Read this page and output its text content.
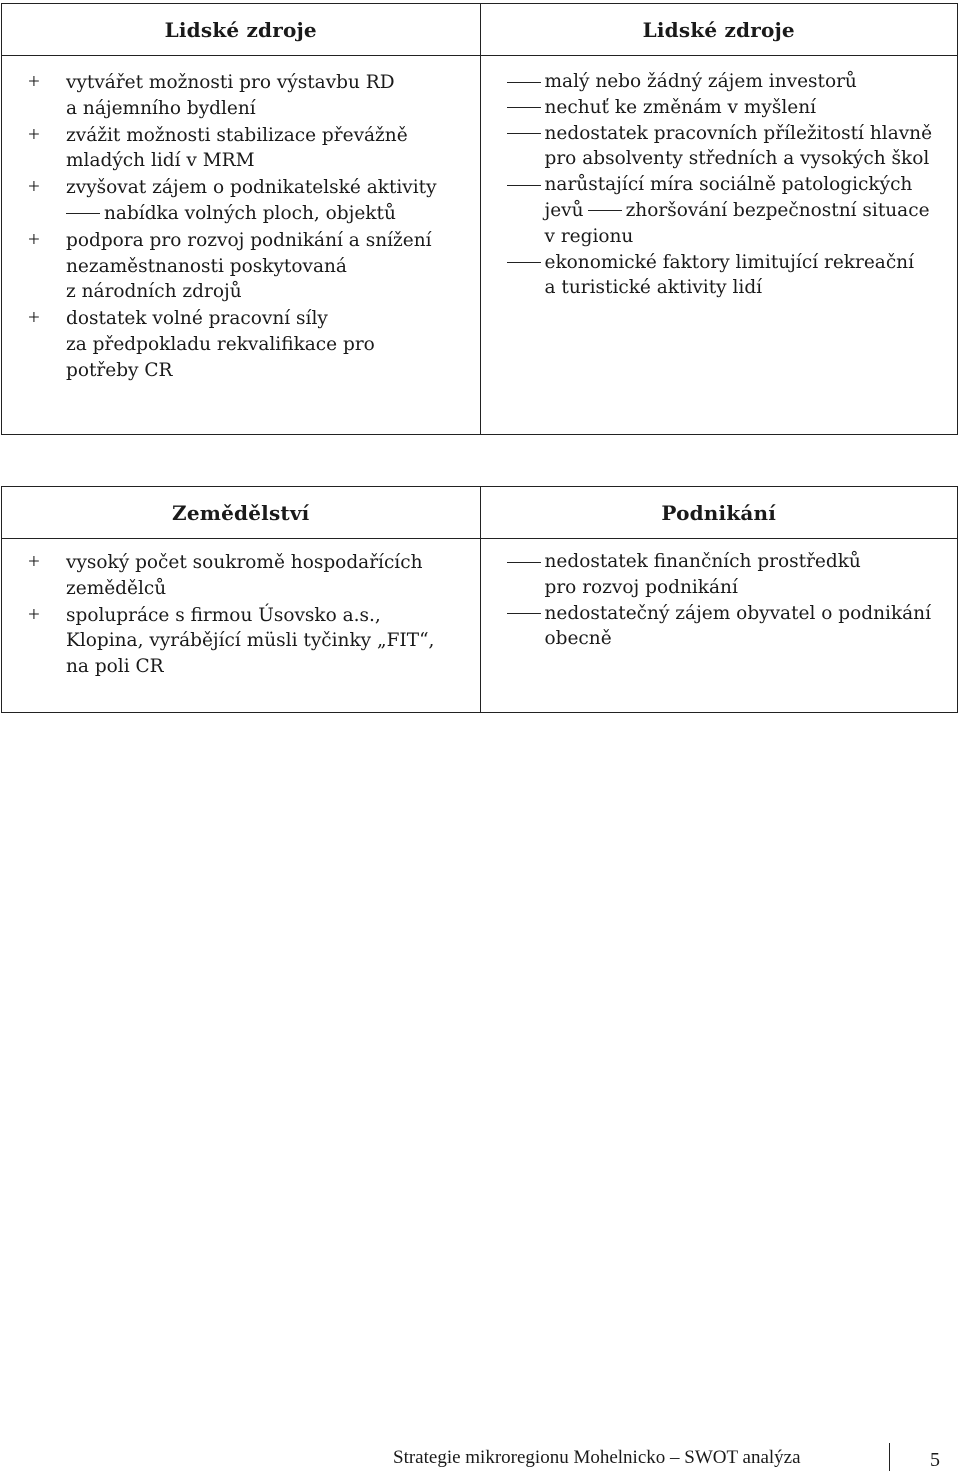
Lidské zdroje
+ vytvářet možnosti pro výstavbu RD
a nájemního bydlení
+ zvážit možnosti stabilizace převážně
mladých lidí v MRM
+ zvyšovat zájem o podnikatelské aktivity
nabídka volných ploch, objektů
+ podpora pro rozvoj podnikání a snížení
nezaměstnanosti poskytovaná
z národních zdrojů
+ dostatek volné pracovní síly
za předpokladu rekvalifikace pro
potřeby CR
Lidské zdroje
malý nebo žádný zájem investorů
nechuť ke změnám v myšlení
nedostatek pracovních příležitostí hlavně
pro absolventy středních a vysokých škol
narůstající míra sociálně patologických
jevů zhoršování bezpečnostní situace
v regionu
ekonomické faktory limitující rekreační
a turistické aktivity lidí
Zemědělství
+ vysoký počet soukromě hospodařících
zemědělců
+ spolupráce s firmou Úsovsko a.s.,
Klopina, vyrábějící müsli tyčinky „FIT“,
na poli CR
Podnikání
nedostatek finančních prostředků
pro rozvoj podnikání
nedostatečný zájem obyvatel o podnikání
obecně
Strategie mikroregionu Mohelnicko – SWOT analýza	5
